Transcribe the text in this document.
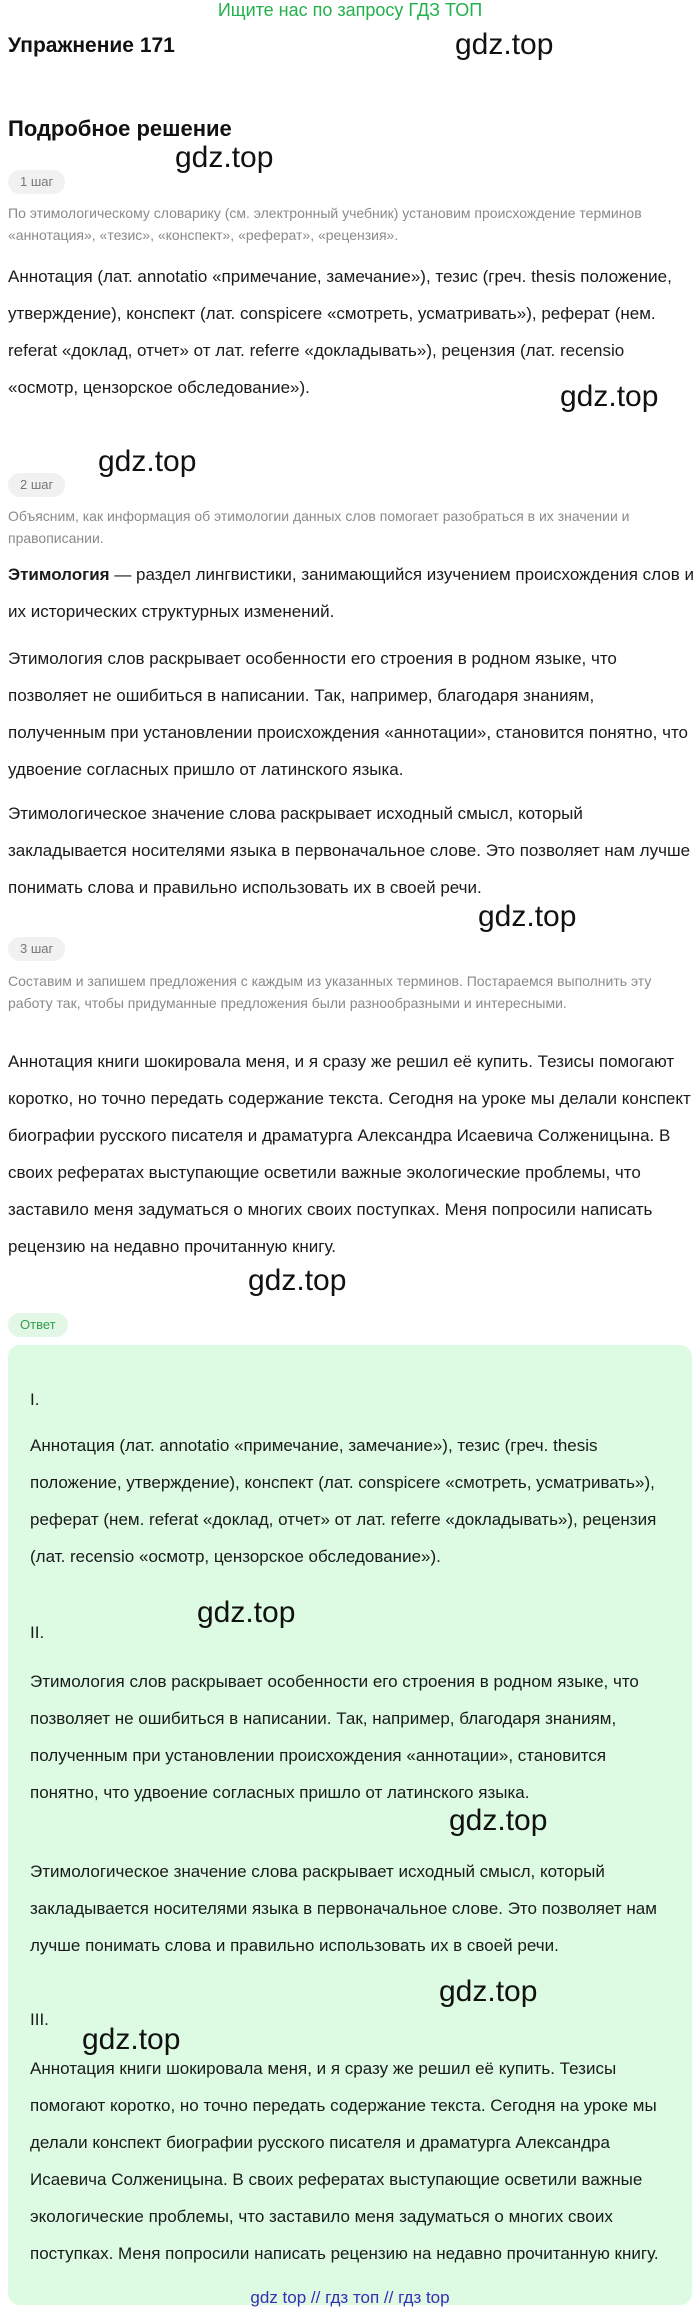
Ищите нас по запросу ГДЗ ТОП
Упражнение 171
Подробное решение
1 шаг
По этимологическому словарику (см. электронный учебник) установим происхождение терминов «аннотация», «тезис», «конспект», «реферат», «рецензия».
Аннотация (лат. annotatio «примечание, замечание»), тезис (греч. thesis положение, утверждение), конспект (лат. conspicere «смотреть, усматривать»), реферат (нем. referat «доклад, отчет» от лат. referre «докладывать»), рецензия (лат. recensio «осмотр, цензорское обследование»).
2 шаг
Объясним, как информация об этимологии данных слов помогает разобраться в их значении и правописании.
Этимология — раздел лингвистики, занимающийся изучением происхождения слов и их исторических структурных изменений.
Этимология слов раскрывает особенности его строения в родном языке, что позволяет не ошибиться в написании. Так, например, благодаря знаниям, полученным при установлении происхождения «аннотации», становится понятно, что удвоение согласных пришло от латинского языка.
Этимологическое значение слова раскрывает исходный смысл, который закладывается носителями языка в первоначальное слове. Это позволяет нам лучше понимать слова и правильно использовать их в своей речи.
3 шаг
Составим и запишем предложения с каждым из указанных терминов. Постараемся выполнить эту работу так, чтобы придуманные предложения были разнообразными и интересными.
Аннотация книги шокировала меня, и я сразу же решил её купить. Тезисы помогают коротко, но точно передать содержание текста. Сегодня на уроке мы делали конспект биографии русского писателя и драматурга Александра Исаевича Солженицына. В своих рефератах выступающие осветили важные экологические проблемы, что заставило меня задуматься о многих своих поступках. Меня попросили написать рецензию на недавно прочитанную книгу.
Ответ
I.
Аннотация (лат. annotatio «примечание, замечание»), тезис (греч. thesis положение, утверждение), конспект (лат. conspicere «смотреть, усматривать»), реферат (нем. referat «доклад, отчет» от лат. referre «докладывать»), рецензия (лат. recensio «осмотр, цензорское обследование»).
II.
Этимология слов раскрывает особенности его строения в родном языке, что позволяет не ошибиться в написании. Так, например, благодаря знаниям, полученным при установлении происхождения «аннотации», становится понятно, что удвоение согласных пришло от латинского языка.
Этимологическое значение слова раскрывает исходный смысл, который закладывается носителями языка в первоначальное слове. Это позволяет нам лучше понимать слова и правильно использовать их в своей речи.
III.
Аннотация книги шокировала меня, и я сразу же решил её купить. Тезисы помогают коротко, но точно передать содержание текста. Сегодня на уроке мы делали конспект биографии русского писателя и драматурга Александра Исаевича Солженицына. В своих рефератах выступающие осветили важные экологические проблемы, что заставило меня задуматься о многих своих поступках. Меня попросили написать рецензию на недавно прочитанную книгу.
gdz.top
gdz.top
gdz.top
gdz.top
gdz.top
gdz.top
gdz.top
gdz.top
gdz.top
gdz.top
gdz top // гдз топ // гдз top
